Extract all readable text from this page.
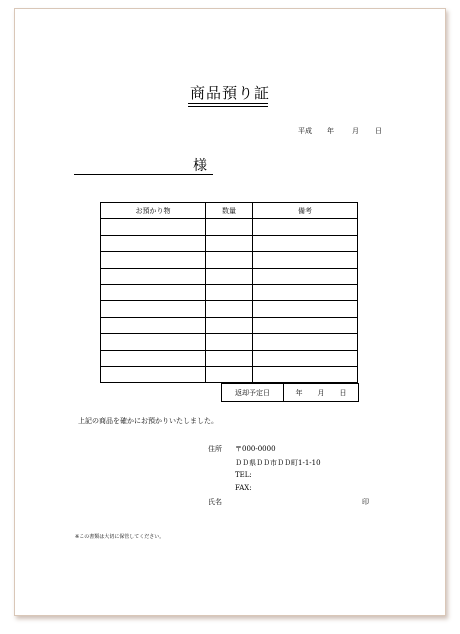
商品預り証
平成 年	月 日
様
お預かり物	数量	備考

返却予定日	年 月 日
上記の商品を確かにお預かりいたしました。
住所 〒000-0000
ＤＤ県ＤＤ市ＤＤ町1-1-10
TEL:
FAX:
氏名	印
※この書類は大切に保管してください。
